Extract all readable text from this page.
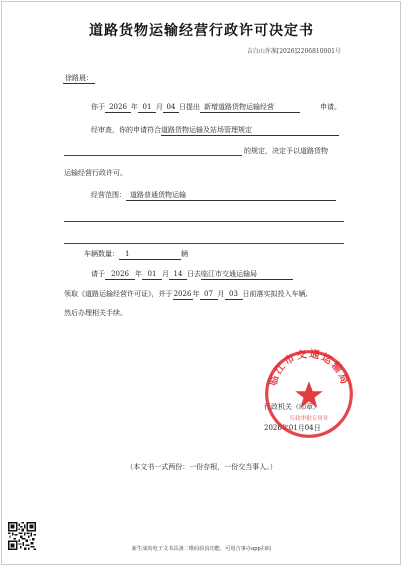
道路货物运输经营行政许可决定书
吉白山许准[2026]2206810001号
徐路晨：
你于 2026 年 01 月 04 日提出 新增道路货物运输经营	申请。
经审查，你的申请符合道路货物运输及站场管理规定
的规定，决定予以道路货物
运输经营行政许可。
经营范围： 道路普通货物运输
车辆数量： 1	辆
请于 2026 年 01 月 14 日去临江市交通运输局
领取《道路运输经营许可证》，并于2026年 07 月 03 日前落实拟投入车辆,
然后办理相关手续。
行政机关（印章）
2026年01月04日
临江市交通运输局
行政审批专用章
（本文书一式两份：一份存根，一份交当事人。）
新生成的电子文书具备二维码验真功能，可用吉事办app扫码
